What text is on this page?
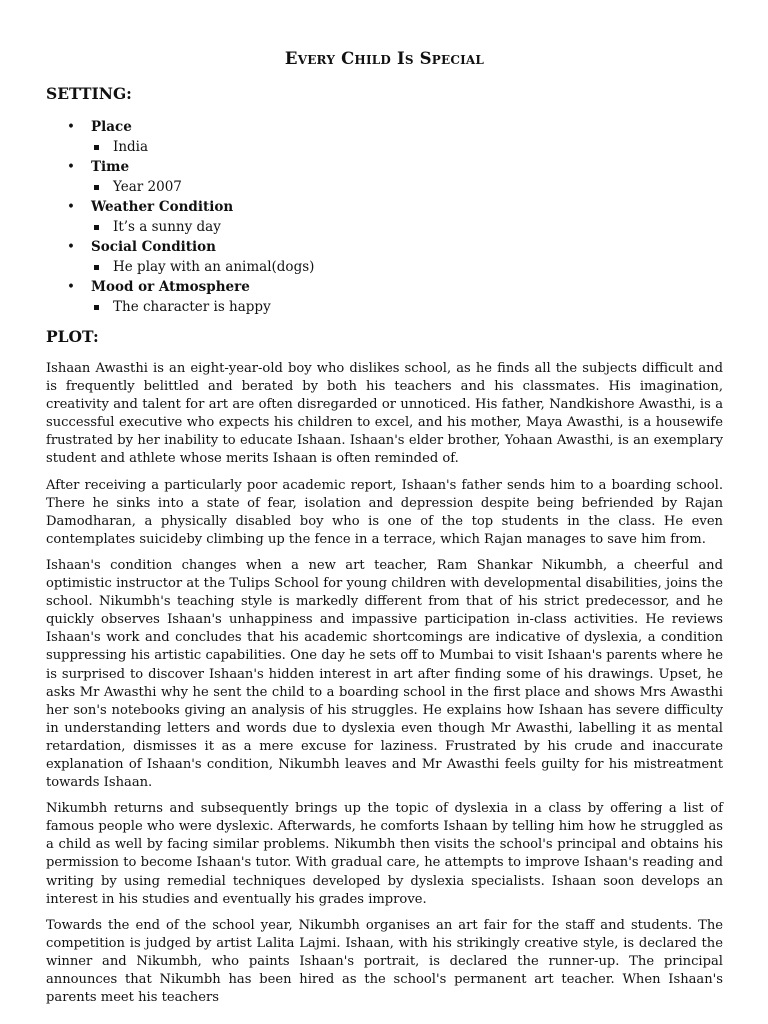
Every Child Is Special
SETTING:
• Place
India
• Time
Year 2007
• Weather Condition
It’s a sunny day
• Social Condition
He play with an animal(dogs)
• Mood or Atmosphere
The character is happy
PLOT:

Ishaan Awasthi is an eight-year-old boy who dislikes school, as he finds all the subjects difficult and is frequently belittled and berated by both his teachers and his classmates. His imagination, creativity and talent for art are often disregarded or unnoticed. His father, Nandkishore Awasthi, is a successful executive who expects his children to excel, and his mother, Maya Awasthi, is a housewife frustrated by her inability to educate Ishaan. Ishaan's elder brother, Yohaan Awasthi, is an exemplary student and athlete whose merits Ishaan is often reminded of.

After receiving a particularly poor academic report, Ishaan's father sends him to a boarding school. There he sinks into a state of fear, isolation and depression despite being befriended by Rajan Damodharan, a physically disabled boy who is one of the top students in the class. He even contemplates suicideby climbing up the fence in a terrace, which Rajan manages to save him from.

Ishaan's condition changes when a new art teacher, Ram Shankar Nikumbh, a cheerful and optimistic instructor at the Tulips School for young children with developmental disabilities, joins the school. Nikumbh's teaching style is markedly different from that of his strict predecessor, and he quickly observes Ishaan's unhappiness and impassive participation in-class activities. He reviews Ishaan's work and concludes that his academic shortcomings are indicative of dyslexia, a condition suppressing his artistic capabilities. One day he sets off to Mumbai to visit Ishaan's parents where he is surprised to discover Ishaan's hidden interest in art after finding some of his drawings. Upset, he asks Mr Awasthi why he sent the child to a boarding school in the first place and shows Mrs Awasthi her son's notebooks giving an analysis of his struggles. He explains how Ishaan has severe difficulty in understanding letters and words due to dyslexia even though Mr Awasthi, labelling it as mental retardation, dismisses it as a mere excuse for laziness. Frustrated by his crude and inaccurate explanation of Ishaan's condition, Nikumbh leaves and Mr Awasthi feels guilty for his mistreatment towards Ishaan.

Nikumbh returns and subsequently brings up the topic of dyslexia in a class by offering a list of famous people who were dyslexic. Afterwards, he comforts Ishaan by telling him how he struggled as a child as well by facing similar problems. Nikumbh then visits the school's principal and obtains his permission to become Ishaan's tutor. With gradual care, he attempts to improve Ishaan's reading and writing by using remedial techniques developed by dyslexia specialists. Ishaan soon develops an interest in his studies and eventually his grades improve.

Towards the end of the school year, Nikumbh organises an art fair for the staff and students. The competition is judged by artist Lalita Lajmi. Ishaan, with his strikingly creative style, is declared the winner and Nikumbh, who paints Ishaan's portrait, is declared the runner-up. The principal announces that Nikumbh has been hired as the school's permanent art teacher. When Ishaan's parents meet his teachers
